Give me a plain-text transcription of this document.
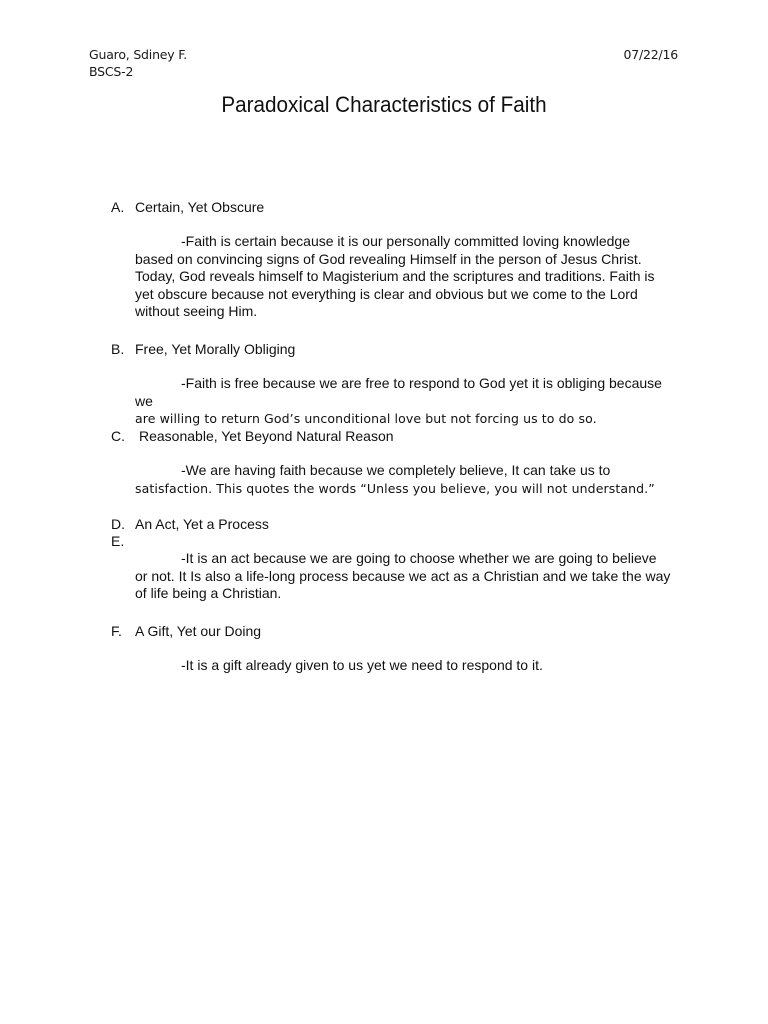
Guaro, Sdiney F.
BSCS-2
07/22/16
Paradoxical Characteristics of Faith
A. Certain, Yet Obscure
-Faith is certain because it is our personally committed loving knowledge based on convincing signs of God revealing Himself in the person of Jesus Christ. Today, God reveals himself to Magisterium and the scriptures and traditions. Faith is yet obscure because not everything is clear and obvious but we come to the Lord without seeing Him.
B. Free, Yet Morally Obliging
-Faith is free because we are free to respond to God yet it is obliging because we
are willing to return God’s unconditional love but not forcing us to do so.
C. Reasonable, Yet Beyond Natural Reason
-We are having faith because we completely believe, It can take us to
satisfaction. This quotes the words “Unless you believe, you will not understand.”
D. An Act, Yet a Process
E.
-It is an act because we are going to choose whether we are going to believe or not. It Is also a life-long process because we act as a Christian and we take the way of life being a Christian.
F. A Gift, Yet our Doing
-It is a gift already given to us yet we need to respond to it.
